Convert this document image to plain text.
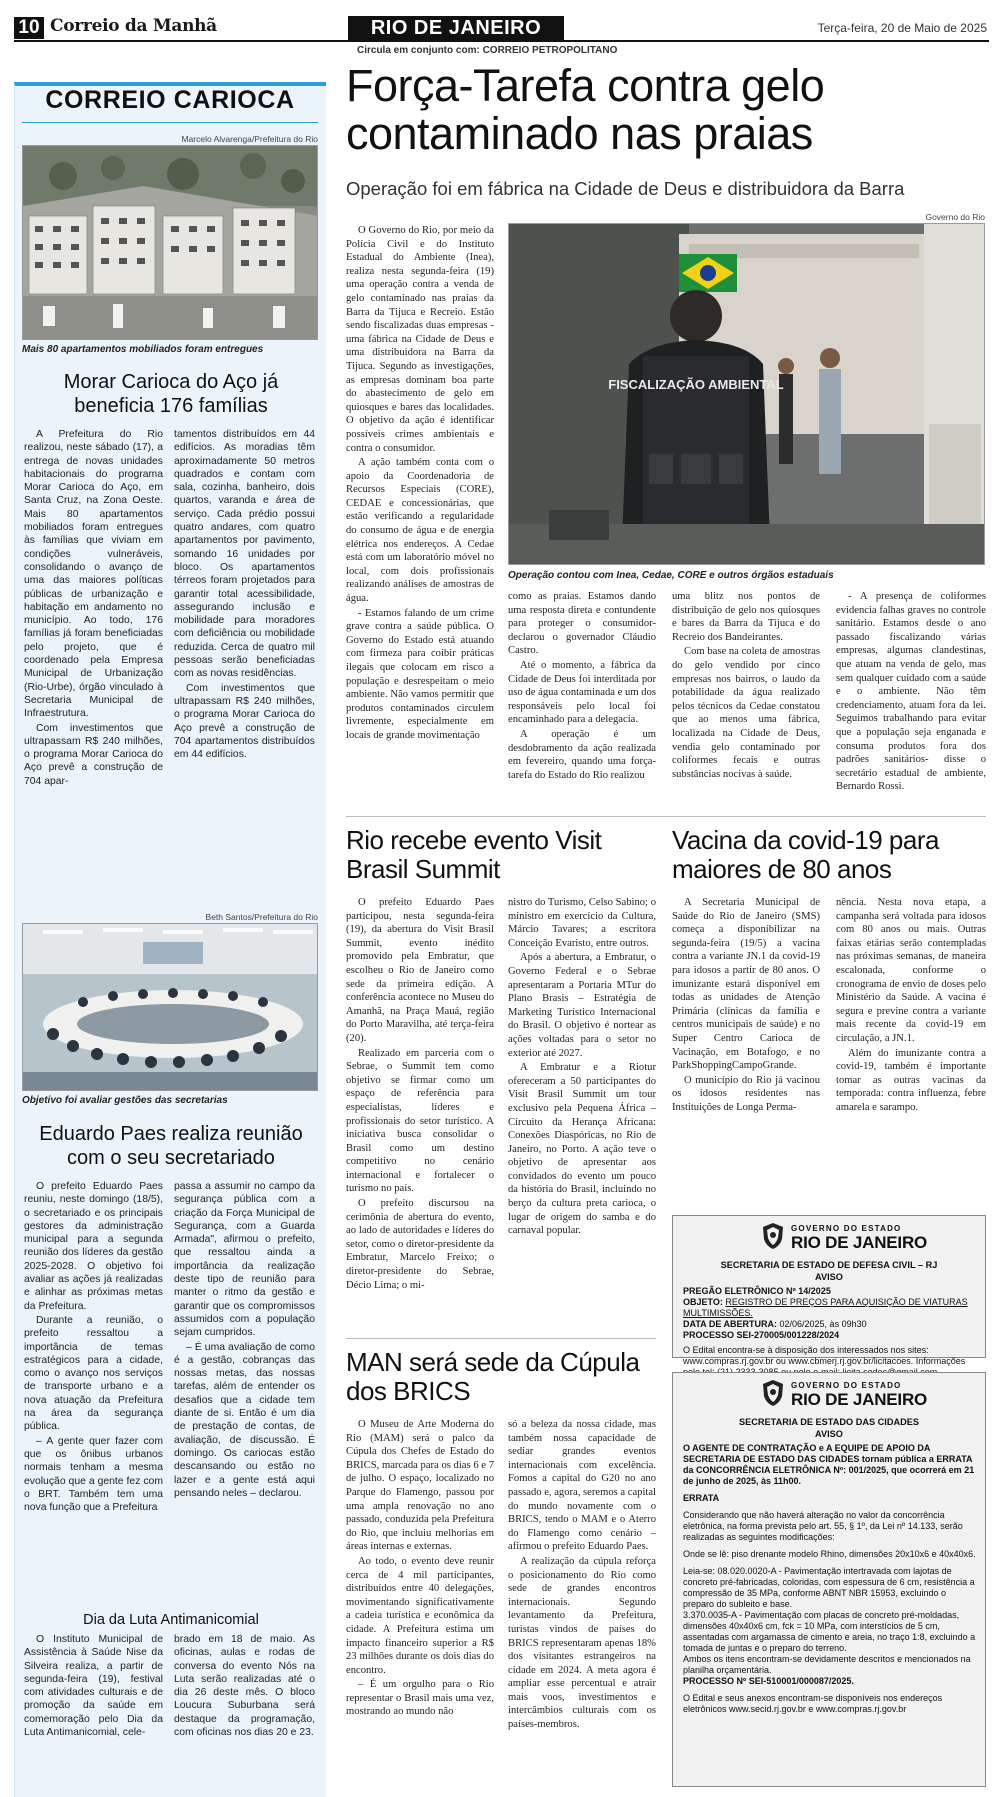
10 Correio da Manhã	RIO DE JANEIRO	Terça-feira, 20 de Maio de 2025
Circula em conjunto com: CORREIO PETROPOLITANO
CORREIO CARIOCA
Marcelo Alvarenga/Prefeitura do Rio
Mais 80 apartamentos mobiliados foram entregues
Morar Carioca do Aço já beneficia 176 famílias

A Prefeitura do Rio realizou, neste sábado (17), a entrega de novas unidades habitacionais do programa Morar Carioca do Aço, em Santa Cruz, na Zona Oeste. Mais 80 apartamentos mobiliados foram entregues às famílias que viviam em condições vulneráveis, consolidando o avanço de uma das maiores políticas públicas de urbanização e habitação em andamento no município. Ao todo, 176 famílias já foram beneficiadas pelo projeto, que é coordenado pela Empresa Municipal de Urbanização (Rio-Urbe), órgão vinculado à Secretaria Municipal de Infraestrutura.

Com investimentos que ultrapassam R$ 240 milhões, o programa Morar Carioca do Aço prevê a construção de 704 apar-

tamentos distribuídos em 44 edifícios. As moradias têm aproximadamente 50 metros quadrados e contam com sala, cozinha, banheiro, dois quartos, varanda e área de serviço. Cada prédio possui quatro andares, com quatro apartamentos por pavimento, somando 16 unidades por bloco. Os apartamentos térreos foram projetados para garantir total acessibilidade, assegurando inclusão e mobilidade para moradores com deficiência ou mobilidade reduzida. Cerca de quatro mil pessoas serão beneficiadas com as novas residências.

Com investimentos que ultrapassam R$ 240 milhões, o programa Morar Carioca do Aço prevê a construção de 704 apartamentos distribuídos em 44 edifícios.

Beth Santos/Prefeitura do Rio
Objetivo foi avaliar gestões das secretarias
Eduardo Paes realiza reunião com o seu secretariado

O prefeito Eduardo Paes reuniu, neste domingo (18/5), o secretariado e os principais gestores da administração municipal para a segunda reunião dos líderes da gestão 2025-2028. O objetivo foi avaliar as ações já realizadas e alinhar as próximas metas da Prefeitura.

Durante a reunião, o prefeito ressaltou a importância de temas estratégicos para a cidade, como o avanço nos serviços de transporte urbano e a nova atuação da Prefeitura na área da segurança pública.

– A gente quer fazer com que os ônibus urbanos normais tenham a mesma evolução que a gente fez com o BRT. Também tem uma nova função que a Prefeitura

passa a assumir no campo da segurança pública com a criação da Força Municipal de Segurança, com a Guarda Armada", afirmou o prefeito, que ressaltou ainda a importância da realização deste tipo de reunião para manter o ritmo da gestão e garantir que os compromissos assumidos com a população sejam cumpridos.

– É uma avaliação de como é a gestão, cobranças das nossas metas, das nossas tarefas, além de entender os desafios que a cidade tem diante de si. Então é um dia de prestação de contas, de avaliação, de discussão. É domingo. Os cariocas estão descansando ou estão no lazer e a gente está aqui pensando neles – declarou.

Dia da Luta Antimanicomial

O Instituto Municipal de Assistência à Saúde Nise da Silveira realiza, a partir de segunda-feira (19), festival com atividades culturais e de promoção da saúde em comemoração pelo Dia da Luta Antimanicomial, cele-

brado em 18 de maio. As oficinas, aulas e rodas de conversa do evento Nós na Luta serão realizadas até o dia 26 deste mês. O bloco Loucura Suburbana será destaque da programação, com oficinas nos dias 20 e 23.

Força-Tarefa contra gelo contaminado nas praias
Operação foi em fábrica na Cidade de Deus e distribuidora da Barra

O Governo do Rio, por meio da Polícia Civil e do Instituto Estadual do Ambiente (Inea), realiza nesta segunda-feira (19) uma operação contra a venda de gelo contaminado nas praias da Barra da Tijuca e Recreio. Estão sendo fiscalizadas duas empresas - uma fábrica na Cidade de Deus e uma distribuidora na Barra da Tijuca. Segundo as investigações, as empresas dominam boa parte do abastecimento de gelo em quiosques e bares das localidades. O objetivo da ação é identificar possíveis crimes ambientais e contra o consumidor.

A ação também conta com o apoio da Coordenadoria de Recursos Especiais (CORE), CEDAE e concessionárias, que estão verificando a regularidade do consumo de água e de energia elétrica nos endereços. A Cedae está com um laboratório móvel no local, com dois profissionais realizando análises de amostras de água.

- Estamos falando de um crime grave contra a saúde pública. O Governo do Estado está atuando com firmeza para coibir práticas ilegais que colocam em risco a população e desrespeitam o meio ambiente. Não vamos permitir que produtos contaminados circulem livremente, especialmente em locais de grande movimentação

Governo do Rio
FISCALIZAÇÃO AMBIENTAL
Operação contou com Inea, Cedae, CORE e outros órgãos estaduais

como as praias. Estamos dando uma resposta direta e contundente para proteger o consumidor- declarou o governador Cláudio Castro.

Até o momento, a fábrica da Cidade de Deus foi interditada por uso de água contaminada e um dos responsáveis pelo local foi encaminhado para a delegacia.

A operação é um desdobramento da ação realizada em fevereiro, quando uma força-tarefa do Estado do Rio realizou

uma blitz nos pontos de distribuição de gelo nos quiosques e bares da Barra da Tijuca e do Recreio dos Bandeirantes.

Com base na coleta de amostras do gelo vendido por cinco empresas nos bairros, o laudo da potabilidade da água realizado pelos técnicos da Cedae constatou que ao menos uma fábrica, localizada na Cidade de Deus, vendia gelo contaminado por coliformes fecais e outras substâncias nocivas à saúde.

- A presença de coliformes evidencia falhas graves no controle sanitário. Estamos desde o ano passado fiscalizando várias empresas, algumas clandestinas, que atuam na venda de gelo, mas sem qualquer cuidado com a saúde e o ambiente. Não têm credenciamento, atuam fora da lei. Seguimos trabalhando para evitar que a população seja enganada e consuma produtos fora dos padrões sanitários- disse o secretário estadual de ambiente, Bernardo Rossi.

Rio recebe evento Visit Brasil Summit

O prefeito Eduardo Paes participou, nesta segunda-feira (19), da abertura do Visit Brasil Summit, evento inédito promovido pela Embratur, que escolheu o Rio de Janeiro como sede da primeira edição. A conferência acontece no Museu do Amanhã, na Praça Mauá, região do Porto Maravilha, até terça-feira (20).

Realizado em parceria com o Sebrae, o Summit tem como objetivo se firmar como um espaço de referência para especialistas, líderes e profissionais do setor turístico. A iniciativa busca consolidar o Brasil como um destino competitivo no cenário internacional e fortalecer o turismo no país.

O prefeito discursou na cerimônia de abertura do evento, ao lado de autoridades e líderes do setor, como o diretor-presidente da Embratur, Marcelo Freixo; o diretor-presidente do Sebrae, Décio Lima; o mi-

nistro do Turismo, Celso Sabino; o ministro em exercício da Cultura, Márcio Tavares; a escritora Conceição Evaristo, entre outros.

Após a abertura, a Embratur, o Governo Federal e o Sebrae apresentaram a Portaria MTur do Plano Brasis – Estratégia de Marketing Turístico Internacional do Brasil. O objetivo é nortear as ações voltadas para o setor no exterior até 2027.

A Embratur e a Riotur ofereceram a 50 participantes do Visit Brasil Summit um tour exclusivo pela Pequena África – Circuito da Herança Africana: Conexões Diaspóricas, no Rio de Janeiro, no Porto. A ação teve o objetivo de apresentar aos convidados do evento um pouco da história do Brasil, incluindo no berço da cultura preta carioca, o lugar de origem do samba e do carnaval popular.

Vacina da covid-19 para maiores de 80 anos

A Secretaria Municipal de Saúde do Rio de Janeiro (SMS) começa a disponibilizar na segunda-feira (19/5) a vacina contra a variante JN.1 da covid-19 para idosos a partir de 80 anos. O imunizante estará disponível em todas as unidades de Atenção Primária (clínicas da família e centros municipais de saúde) e no Super Centro Carioca de Vacinação, em Botafogo, e no ParkShoppingCampoGrande.

O município do Rio já vacinou os idosos residentes nas Instituições de Longa Perma-

nência. Nesta nova etapa, a campanha será voltada para idosos com 80 anos ou mais. Outras faixas etárias serão contempladas nas próximas semanas, de maneira escalonada, conforme o cronograma de envio de doses pelo Ministério da Saúde. A vacina é segura e previne contra a variante mais recente da covid-19 em circulação, a JN.1.

Além do imunizante contra a covid-19, também é importante tomar as outras vacinas da temporada: contra influenza, febre amarela e sarampo.

MAN será sede da Cúpula dos BRICS

O Museu de Arte Moderna do Rio (MAM) será o palco da Cúpula dos Chefes de Estado do BRICS, marcada para os dias 6 e 7 de julho. O espaço, localizado no Parque do Flamengo, passou por uma ampla renovação no ano passado, conduzida pela Prefeitura do Rio, que incluiu melhorias em áreas internas e externas.

Ao todo, o evento deve reunir cerca de 4 mil participantes, distribuídos entre 40 delegações, movimentando significativamente a cadeia turística e econômica da cidade. A Prefeitura estima um impacto financeiro superior a R$ 23 milhões durante os dois dias do encontro.

– É um orgulho para o Rio representar o Brasil mais uma vez, mostrando ao mundo não

só a beleza da nossa cidade, mas também nossa capacidade de sediar grandes eventos internacionais com excelência. Fomos a capital do G20 no ano passado e, agora, seremos a capital do mundo novamente com o BRICS, tendo o MAM e o Aterro do Flamengo como cenário – afirmou o prefeito Eduardo Paes.

A realização da cúpula reforça o posicionamento do Rio como sede de grandes encontros internacionais. Segundo levantamento da Prefeitura, turistas vindos de países do BRICS representaram apenas 18% dos visitantes estrangeiros na cidade em 2024. A meta agora é ampliar esse percentual e atrair mais voos, investimentos e intercâmbios culturais com os países-membros.

GOVERNO DO ESTADO
RIO DE JANEIRO
SECRETARIA DE ESTADO DE DEFESA CIVIL – RJ
AVISO
PREGÃO ELETRÔNICO Nº 14/2025
OBJETO: REGISTRO DE PREÇOS PARA AQUISIÇÃO DE VIATURAS MULTIMISSÕES.
DATA DE ABERTURA: 02/06/2025, às 09h30
PROCESSO SEI-270005/001228/2024
O Edital encontra-se à disposição dos interessados nos sites: www.compras.rj.gov.br ou www.cbmerj.rj.gov.br/licitacoes. Informações
GOVERNO DO ESTADO
RIO DE JANEIRO
SECRETARIA DE ESTADO DAS CIDADES
AVISO
O AGENTE DE CONTRATAÇÃO e A EQUIPE DE APOIO DA SECRETARIA DE ESTADO DAS CIDADES tornam pública a ERRATA da CONCORRÊNCIA ELETRÔNICA Nº: 001/2025, que ocorrerá em 21 de junho de 2025, às 11h00.
ERRATA
Considerando que não haverá alteração no valor da concorrência eletrônica, na forma prevista pelo art. 55, § 1º, da Lei nº 14.133, serão realizadas as seguintes modificações:
Onde se lê: piso drenante modelo Rhino, dimensões 20x10x6 e 40x40x6.
Leia-se: 08.020.0020-A - Pavimentação intertravada com lajotas de concreto pré-fabricadas, coloridas, com espessura de 6 cm, resistência a compressão de 35 MPa, conforme ABNT NBR 15953, excluindo o preparo do subleito e base.
3.370.0035-A - Pavimentação com placas de concreto pré-moldadas, dimensões 40x40x6 cm, fck = 10 MPa, com interstícios de 5 cm, assentadas com argamassa de cimento e areia, no traço 1:8, excluindo a tomada de juntas e o preparo do terreno.
Ambos os itens encontram-se devidamente descritos e mencionados na planilha orçamentária.
PROCESSO Nº SEI-510001/000087/2025.
O Edital e seus anexos encontram-se disponíveis nos endereços eletrônicos www.secid.rj.gov.br e www.compras.rj.gov.br
